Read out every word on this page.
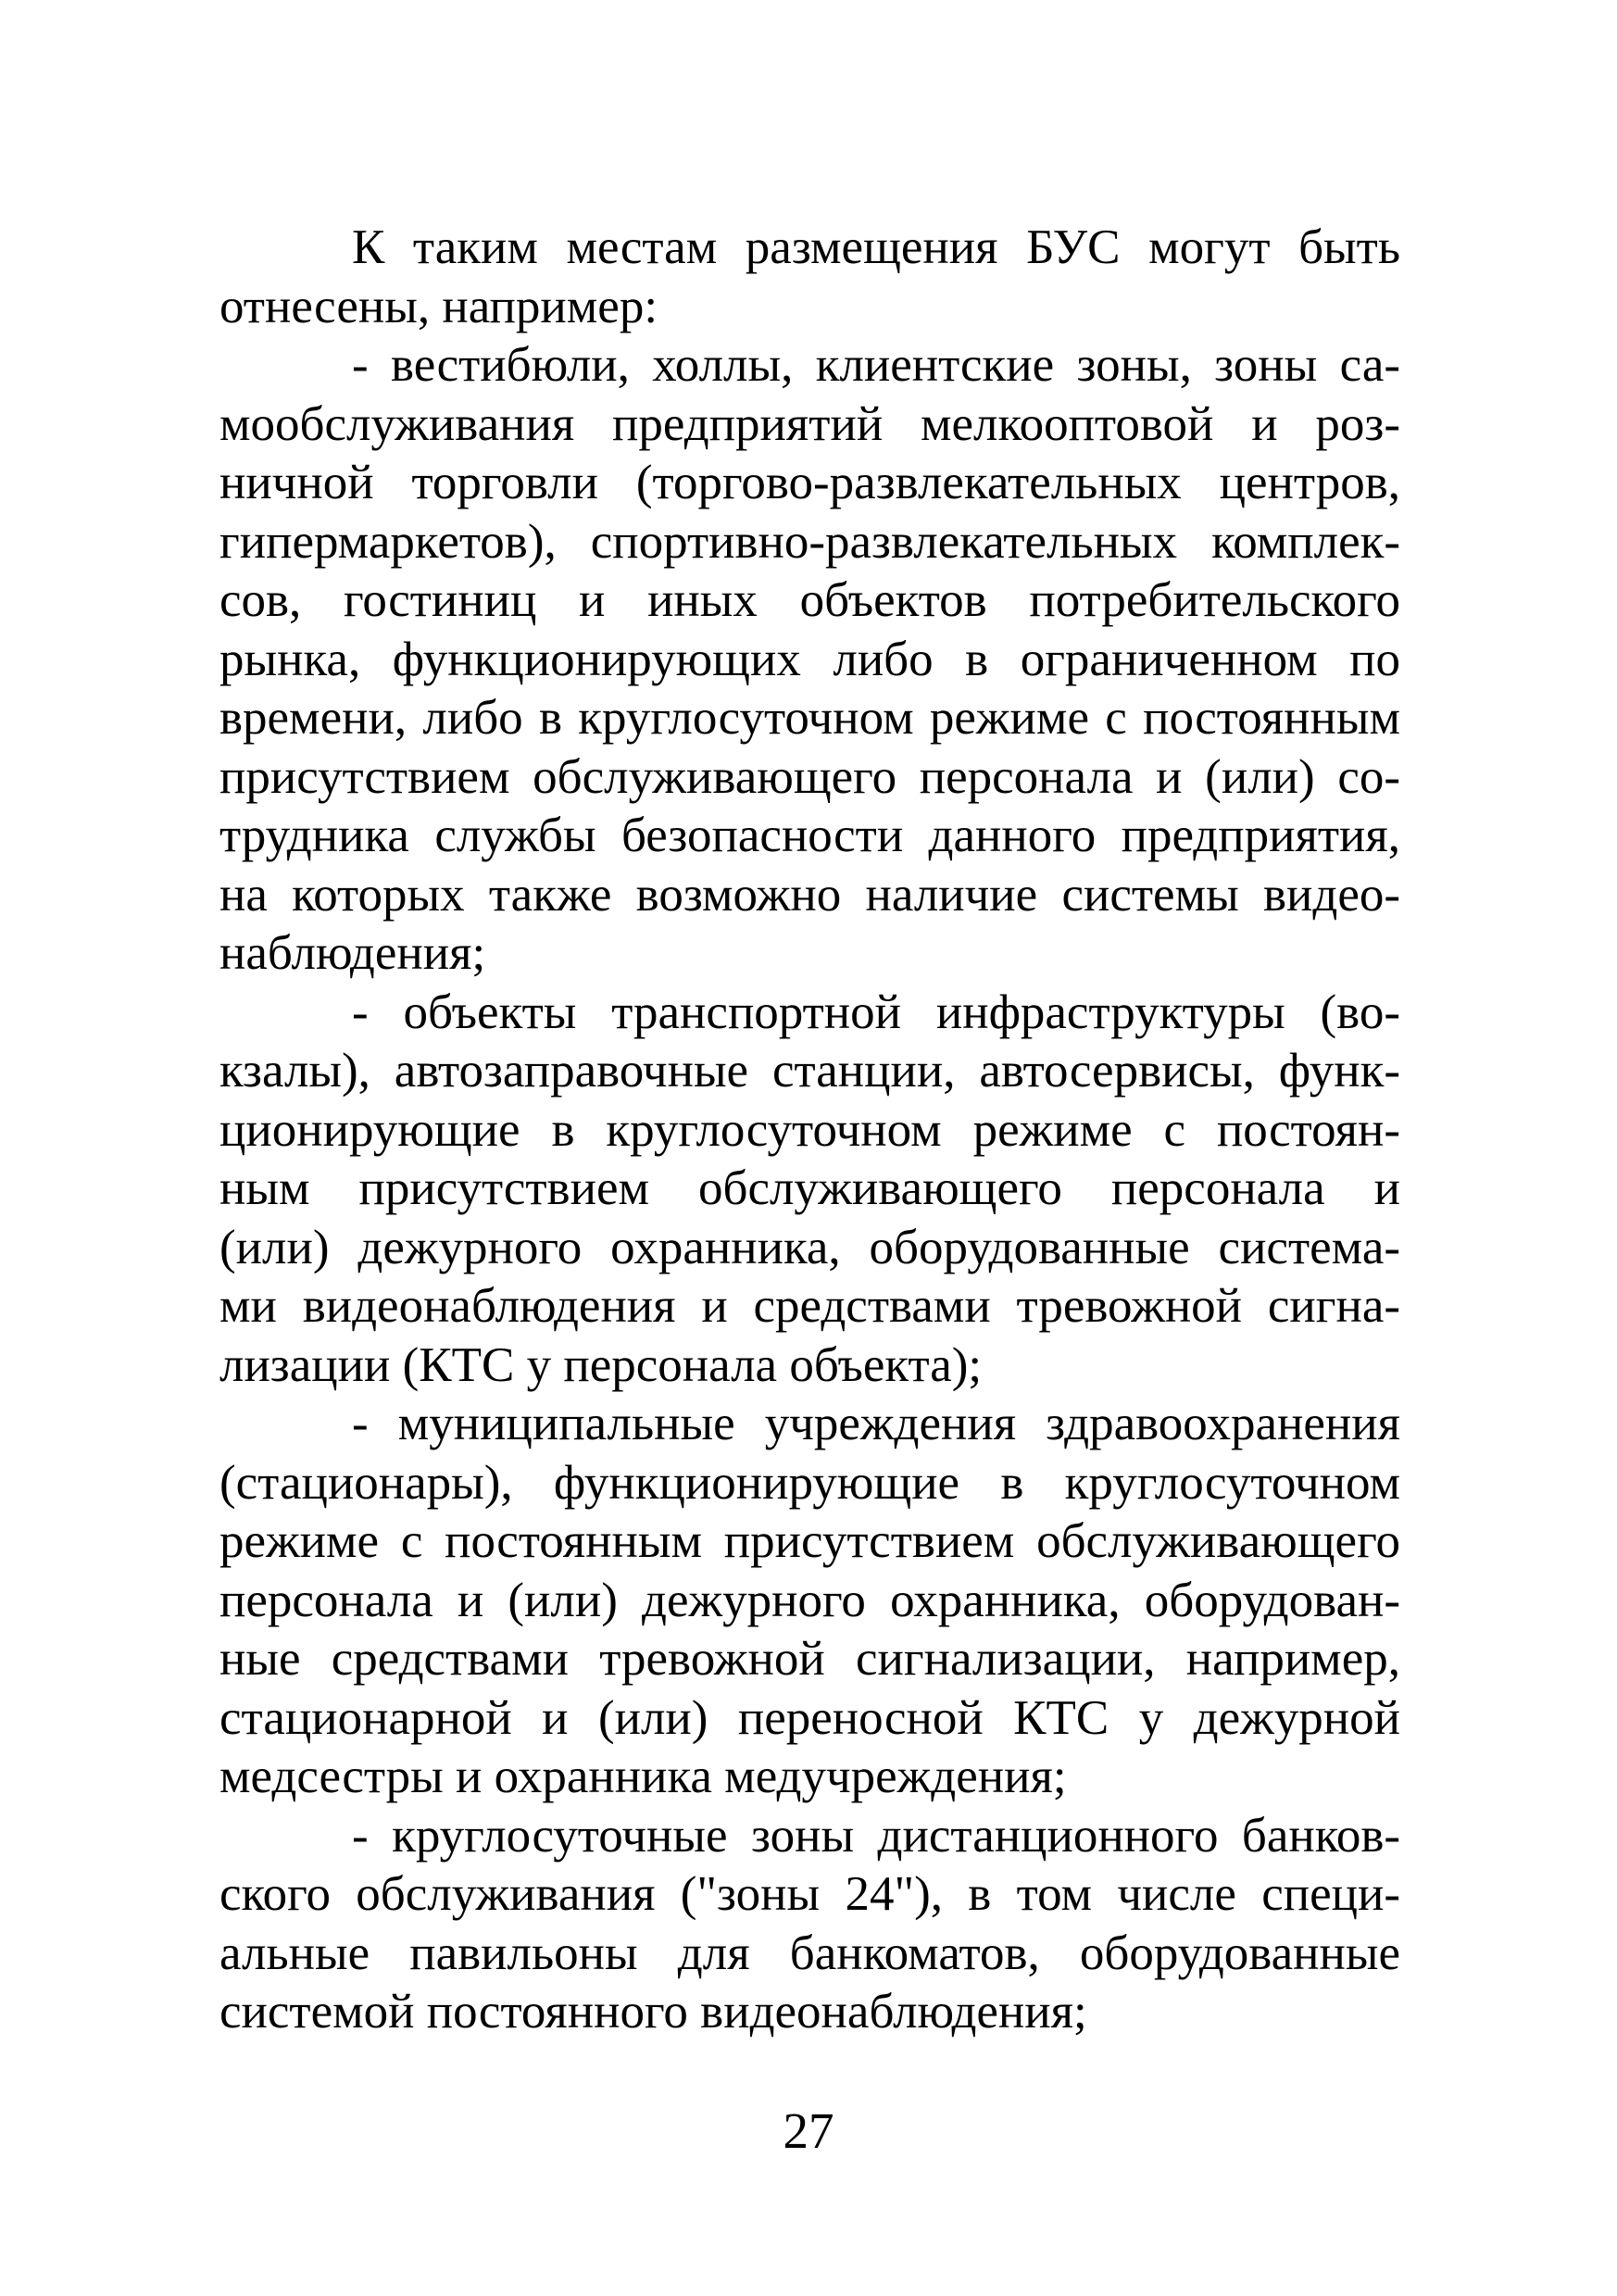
К таким местам размещения БУС могут быть
отнесены, например:
- вестибюли, холлы, клиентские зоны, зоны са-
мообслуживания предприятий мелкооптовой и роз-
ничной торговли (торгово-развлекательных центров,
гипермаркетов), спортивно-развлекательных комплек-
сов, гостиниц и иных объектов потребительского
рынка, функционирующих либо в ограниченном по
времени, либо в круглосуточном режиме с постоянным
присутствием обслуживающего персонала и (или) со-
трудника службы безопасности данного предприятия,
на которых также возможно наличие системы видео-
наблюдения;
- объекты транспортной инфраструктуры (во-
кзалы), автозаправочные станции, автосервисы, функ-
ционирующие в круглосуточном режиме с постоян-
ным присутствием обслуживающего персонала и
(или) дежурного охранника, оборудованные система-
ми видеонаблюдения и средствами тревожной сигна-
лизации (КТС у персонала объекта);
- муниципальные учреждения здравоохранения
(стационары), функционирующие в круглосуточном
режиме с постоянным присутствием обслуживающего
персонала и (или) дежурного охранника, оборудован-
ные средствами тревожной сигнализации, например,
стационарной и (или) переносной КТС у дежурной
медсестры и охранника медучреждения;
- круглосуточные зоны дистанционного банков-
ского обслуживания ("зоны 24"), в том числе специ-
альные павильоны для банкоматов, оборудованные
системой постоянного видеонаблюдения;
27
